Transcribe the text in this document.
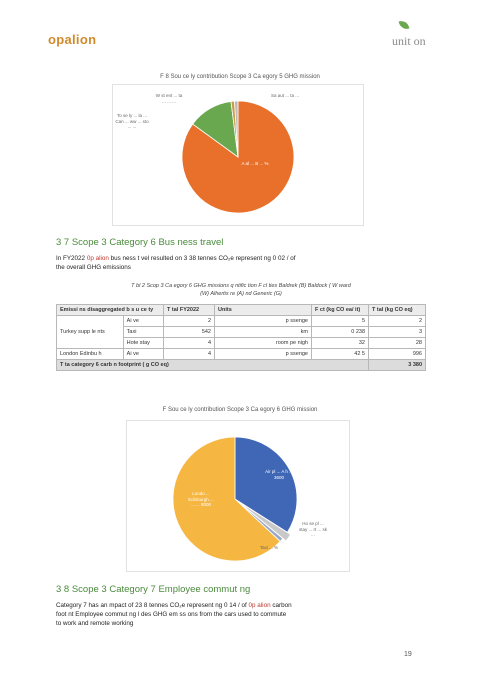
opalion	unit on
F 8 Sou ce ly contribution Scope 3 Ca egory 5 GHG mission
To se ly ... la ... Can ... ww ... sto ... ...
W st ent ... ta ... ... ...
Sa aut ... ta ...
A al ... B ... %
3 7 Scope 3 Category 6 Bus ness travel
In FY2022 0p alion bus ness t vel resulted on 3 38 tennes CO₂e represent ng 0 02 / of
the overall GHG emissions
T bl 2 Scop 3 Ca egory 6 GHG missions q ntific tion F cl ties Baldrek (B) Baldock ( W ward
(W) Alhertis re (A) nd Generic (G)
Emissi ns disaggregated b s u ce ty		T tal FY2022	Units	F ct (kg CO ea/ it)	T tal (kg CO eq)
Turkey supp le nts	Ai ve	2	p ssenge	5	2
	Taxi	542	km	0 238	3
	Hote stay	4	room pe nigh	32	28
London Edinbu h	Ai ve	4	p ssenge	42 5	996
T ta category 6 carb n footprint ( g CO eq)					3 380
F Sou ce ly contribution Scope 3 Ca egory 6 GHG mission
Air pl ... A h ... 3600
Londo ... Edinburgh ... ... ... 8000
Ho se pl ... stay ... rt ... sk ...
Taxi ... %
3 8 Scope 3 Category 7 Employee commut ng
Category 7 has an mpact of 23 8 tennes CO₂e represent ng 0 14 / of 0p alion carbon
foot nt Employee commut ng l des GHG em ss ons from the cars used to commute
to work and remote working
19
